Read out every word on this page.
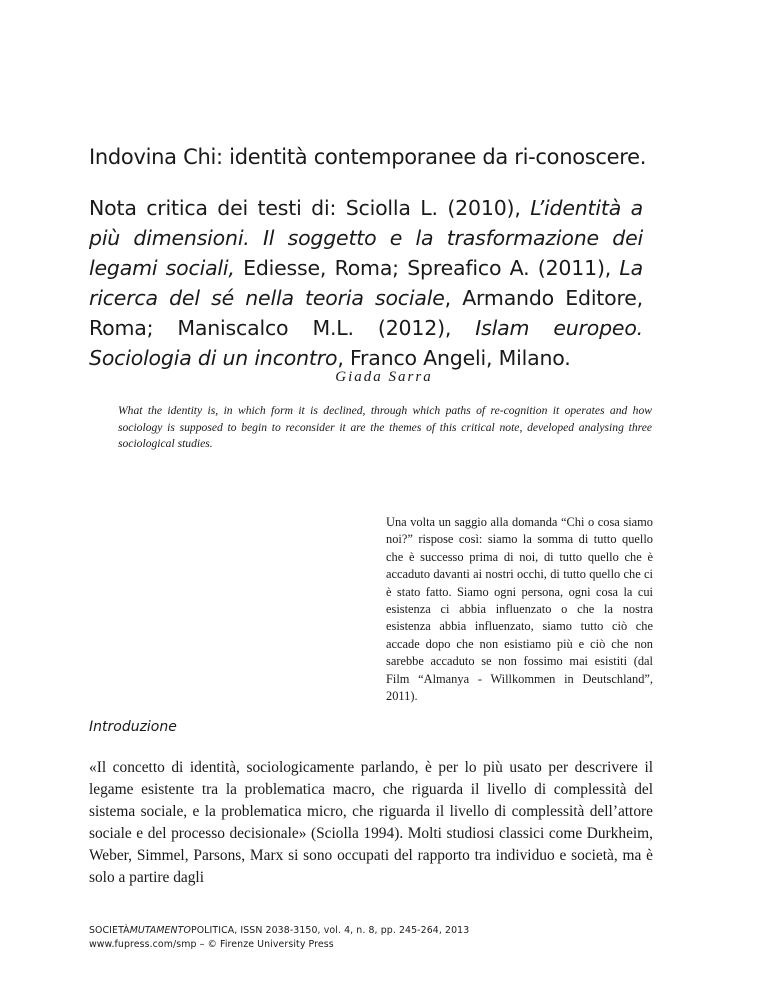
Indovina Chi: identità contemporanee da ri-conoscere.
Nota critica dei testi di: Sciolla L. (2010), L’identità a più dimensioni. Il soggetto e la trasformazione dei legami sociali, Ediesse, Roma; Spreafico A. (2011), La ricerca del sé nella teoria sociale, Armando Editore, Roma; Maniscalco M.L. (2012), Islam europeo. Sociologia di un incontro, Franco Angeli, Milano.
Giada Sarra
What the identity is, in which form it is declined, through which paths of re-cognition it operates and how sociology is supposed to begin to reconsider it are the themes of this critical note, developed analysing three sociological studies.
Una volta un saggio alla domanda “Chi o cosa siamo noi?” rispose così: siamo la somma di tutto quello che è successo prima di noi, di tutto quello che è accaduto davanti ai nostri occhi, di tutto quello che ci è stato fatto. Siamo ogni persona, ogni cosa la cui esistenza ci abbia influenzato o che la nostra esistenza abbia influenzato, siamo tutto ciò che accade dopo che non esistiamo più e ciò che non sarebbe accaduto se non fossimo mai esistiti (dal Film “Almanya - Willkommen in Deutschland”, 2011).
Introduzione
«Il concetto di identità, sociologicamente parlando, è per lo più usato per descrivere il legame esistente tra la problematica macro, che riguarda il livello di complessità del sistema sociale, e la problematica micro, che riguarda il livello di complessità dell’attore sociale e del processo decisionale» (Sciolla 1994). Molti studiosi classici come Durkheim, Weber, Simmel, Parsons, Marx si sono occupati del rapporto tra individuo e società, ma è solo a partire dagli
SOCIETÀMUTAMENTOPOLITICA, ISSN 2038-3150, vol. 4, n. 8, pp. 245-264, 2013
www.fupress.com/smp – © Firenze University Press
